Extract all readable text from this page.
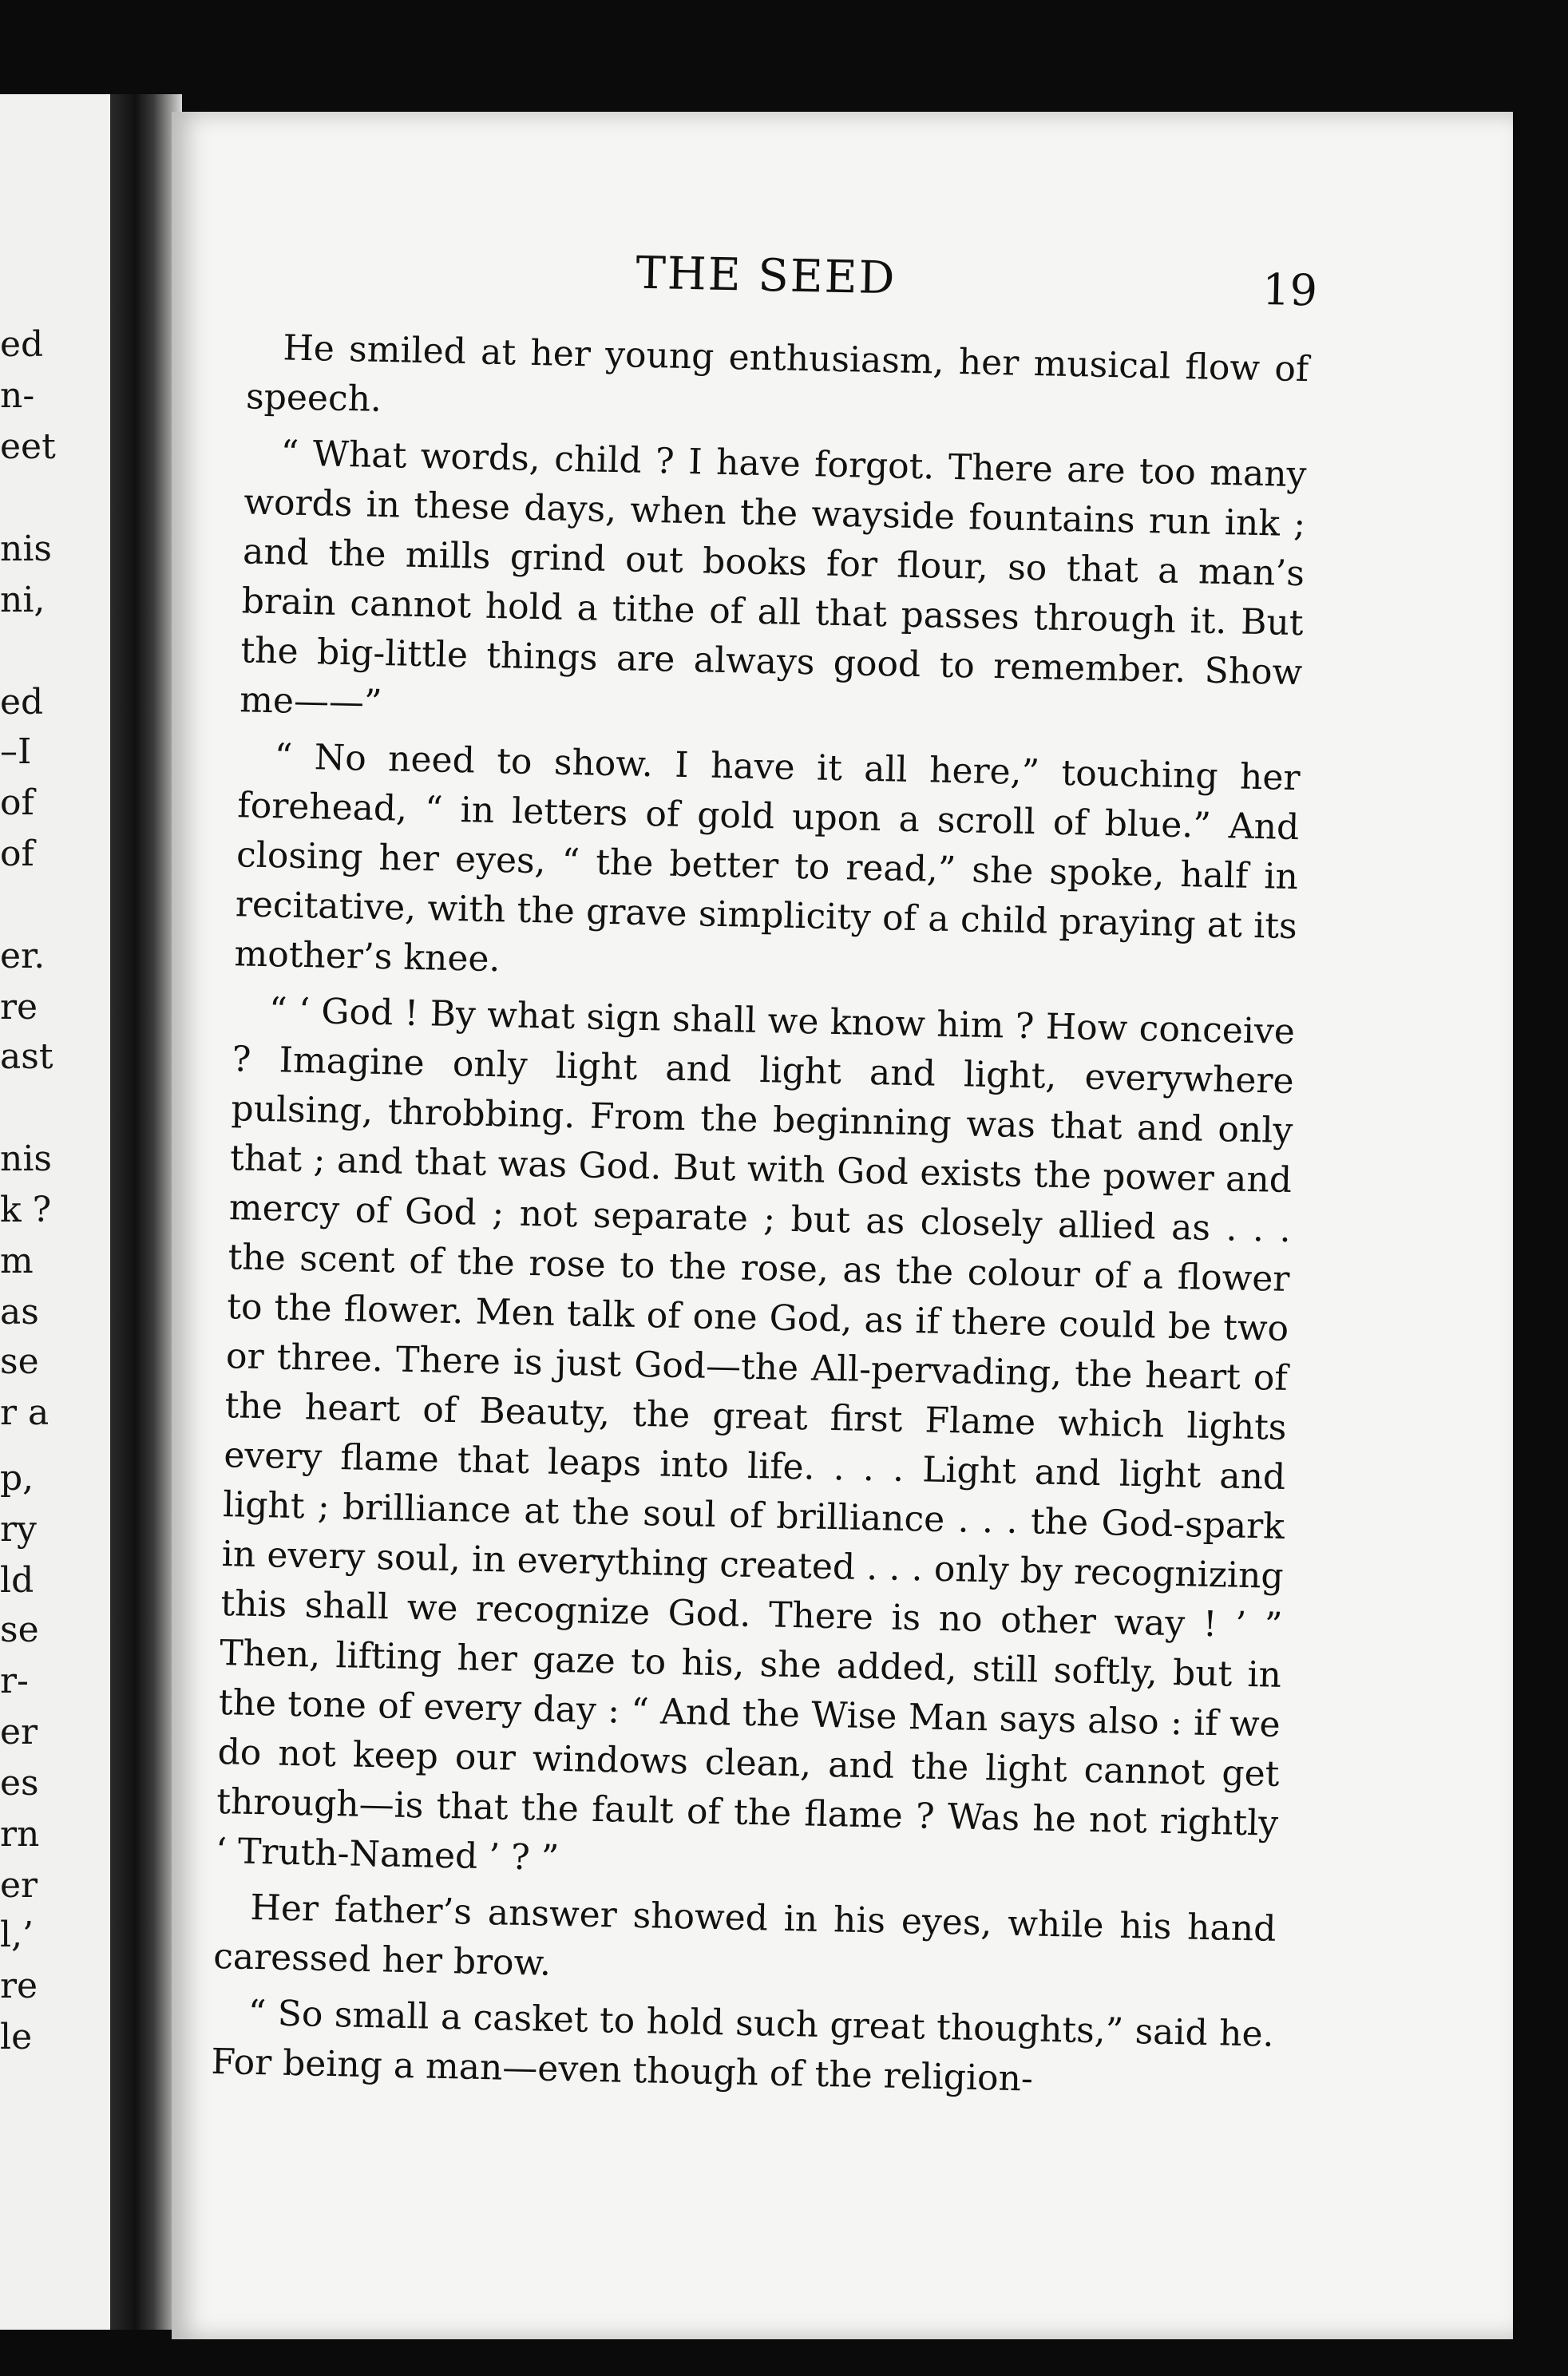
ed
n-
eet
nis
ni,
ed
–I
of
of
er.
re
ast
nis
k ?
m
as
se
r a
p,
ry
ld
se
r-
er
es
rn
er
l,’
re
le
THE SEED	19

He smiled at her young enthusiasm, her musical flow of speech.

“ What words, child ? I have forgot. There are too many words in these days, when the wayside fountains run ink ; and the mills grind out books for flour, so that a man’s brain cannot hold a tithe of all that passes through it. But the big-little things are always good to remember. Show me——”

“ No need to show. I have it all here,” touching her forehead, “ in letters of gold upon a scroll of blue.” And closing her eyes, “ the better to read,” she spoke, half in recitative, with the grave simplicity of a child praying at its mother’s knee.

“ ‘ God ! By what sign shall we know him ? How conceive ? Imagine only light and light and light, everywhere pulsing, throbbing. From the beginning was that and only that ; and that was God. But with God exists the power and mercy of God ; not separate ; but as closely allied as . . . the scent of the rose to the rose, as the colour of a flower to the flower. Men talk of one God, as if there could be two or three. There is just God—the All-pervading, the heart of the heart of Beauty, the great first Flame which lights every flame that leaps into life. . . . Light and light and light ; brilliance at the soul of brilliance . . . the God-spark in every soul, in everything created . . . only by recognizing this shall we recognize God. There is no other way ! ’ ” Then, lifting her gaze to his, she added, still softly, but in the tone of every day : “ And the Wise Man says also : if we do not keep our windows clean, and the light cannot get through—is that the fault of the flame ? Was he not rightly ‘ Truth-Named ’ ? ”

Her father’s answer showed in his eyes, while his hand caressed her brow.

“ So small a casket to hold such great thoughts,” said he. For being a man—even though of the religion-
